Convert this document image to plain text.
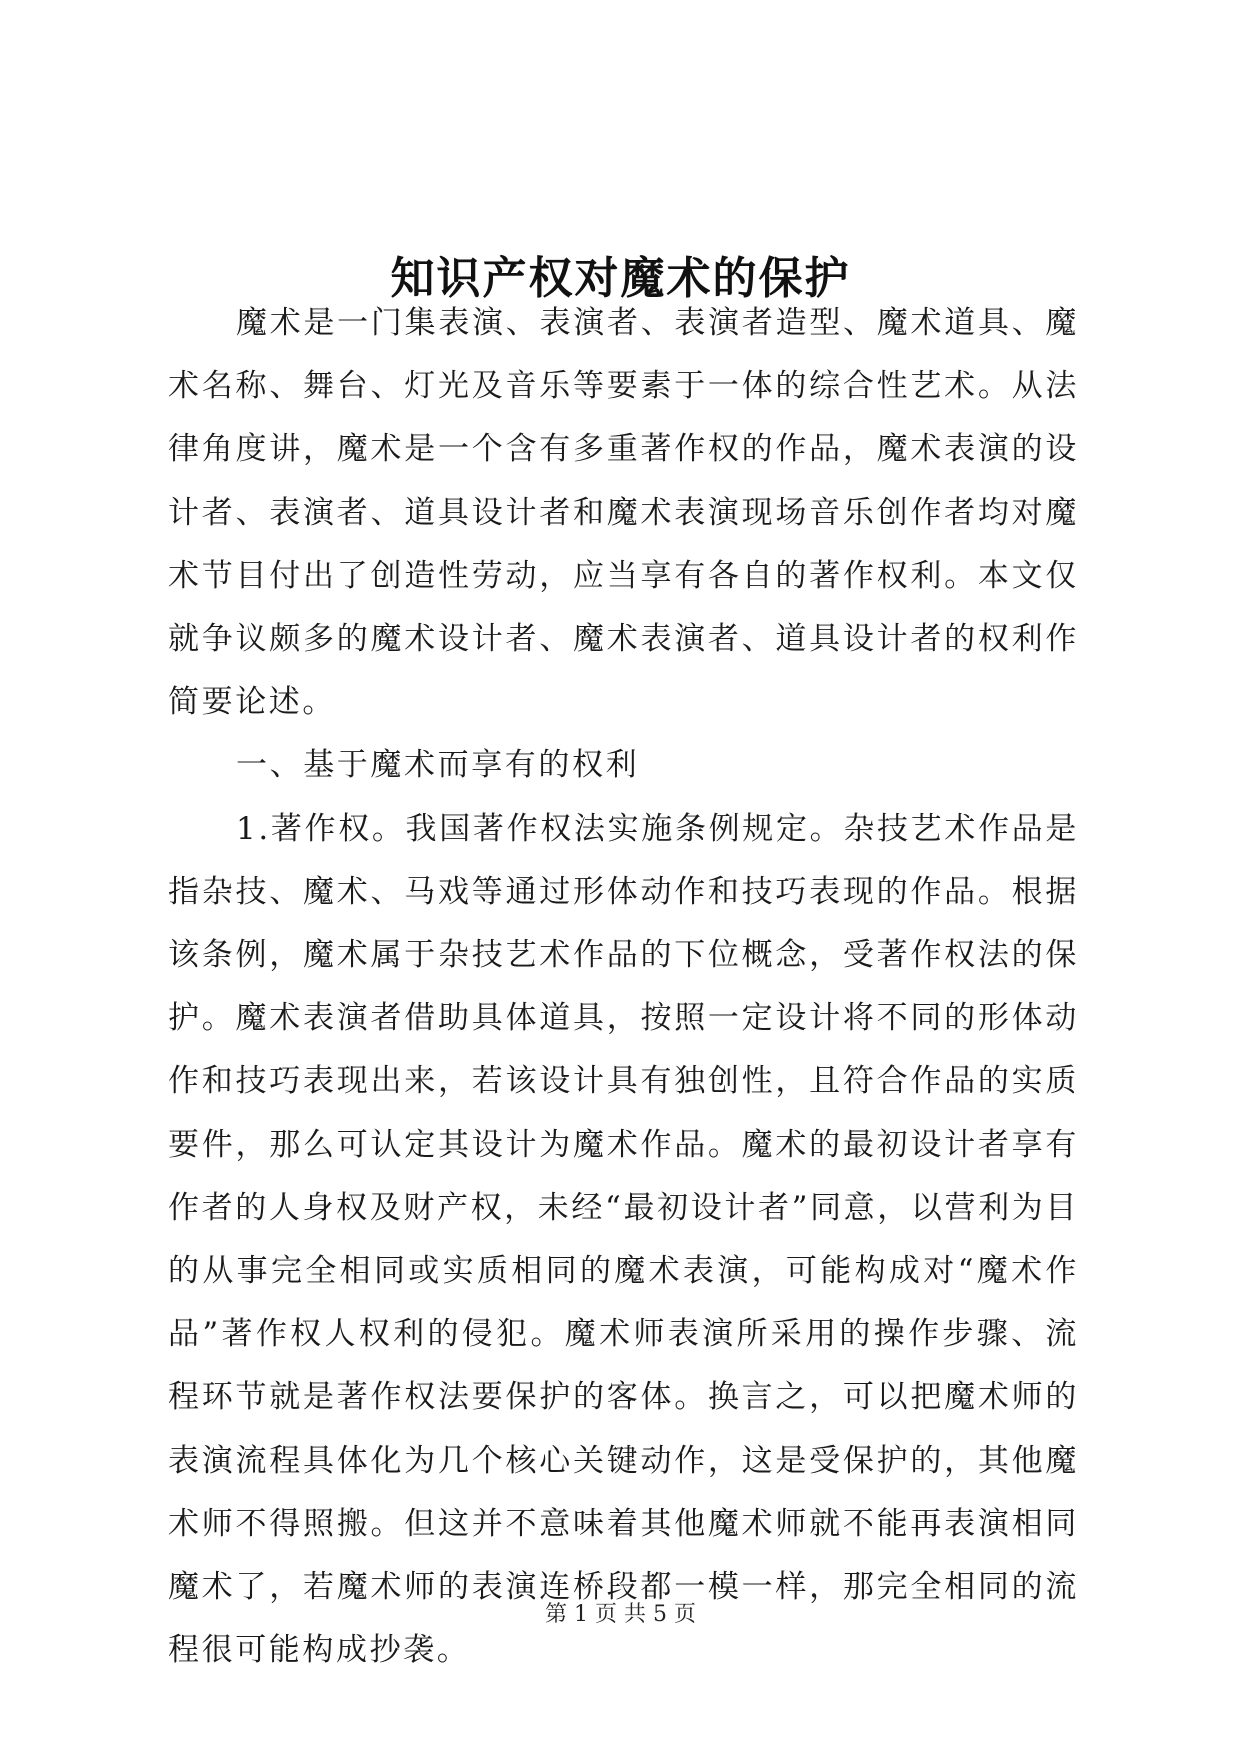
知识产权对魔术的保护

魔术是一门集表演、表演者、表演者造型、魔术道具、魔术名称、舞台、灯光及音乐等要素于一体的综合性艺术。从法律角度讲，魔术是一个含有多重著作权的作品，魔术表演的设计者、表演者、道具设计者和魔术表演现场音乐创作者均对魔术节目付出了创造性劳动，应当享有各自的著作权利。本文仅就争议颇多的魔术设计者、魔术表演者、道具设计者的权利作简要论述。

一、基于魔术而享有的权利

1.著作权。我国著作权法实施条例规定。杂技艺术作品是指杂技、魔术、马戏等通过形体动作和技巧表现的作品。根据该条例，魔术属于杂技艺术作品的下位概念，受著作权法的保护。魔术表演者借助具体道具，按照一定设计将不同的形体动作和技巧表现出来，若该设计具有独创性，且符合作品的实质要件，那么可认定其设计为魔术作品。魔术的最初设计者享有作者的人身权及财产权，未经“最初设计者”同意，以营利为目的从事完全相同或实质相同的魔术表演，可能构成对“魔术作品”著作权人权利的侵犯。魔术师表演所采用的操作步骤、流程环节就是著作权法要保护的客体。换言之，可以把魔术师的表演流程具体化为几个核心关键动作，这是受保护的，其他魔术师不得照搬。但这并不意味着其他魔术师就不能再表演相同魔术了，若魔术师的表演连桥段都一模一样，那完全相同的流程很可能构成抄袭。

第 1 页 共 5 页
